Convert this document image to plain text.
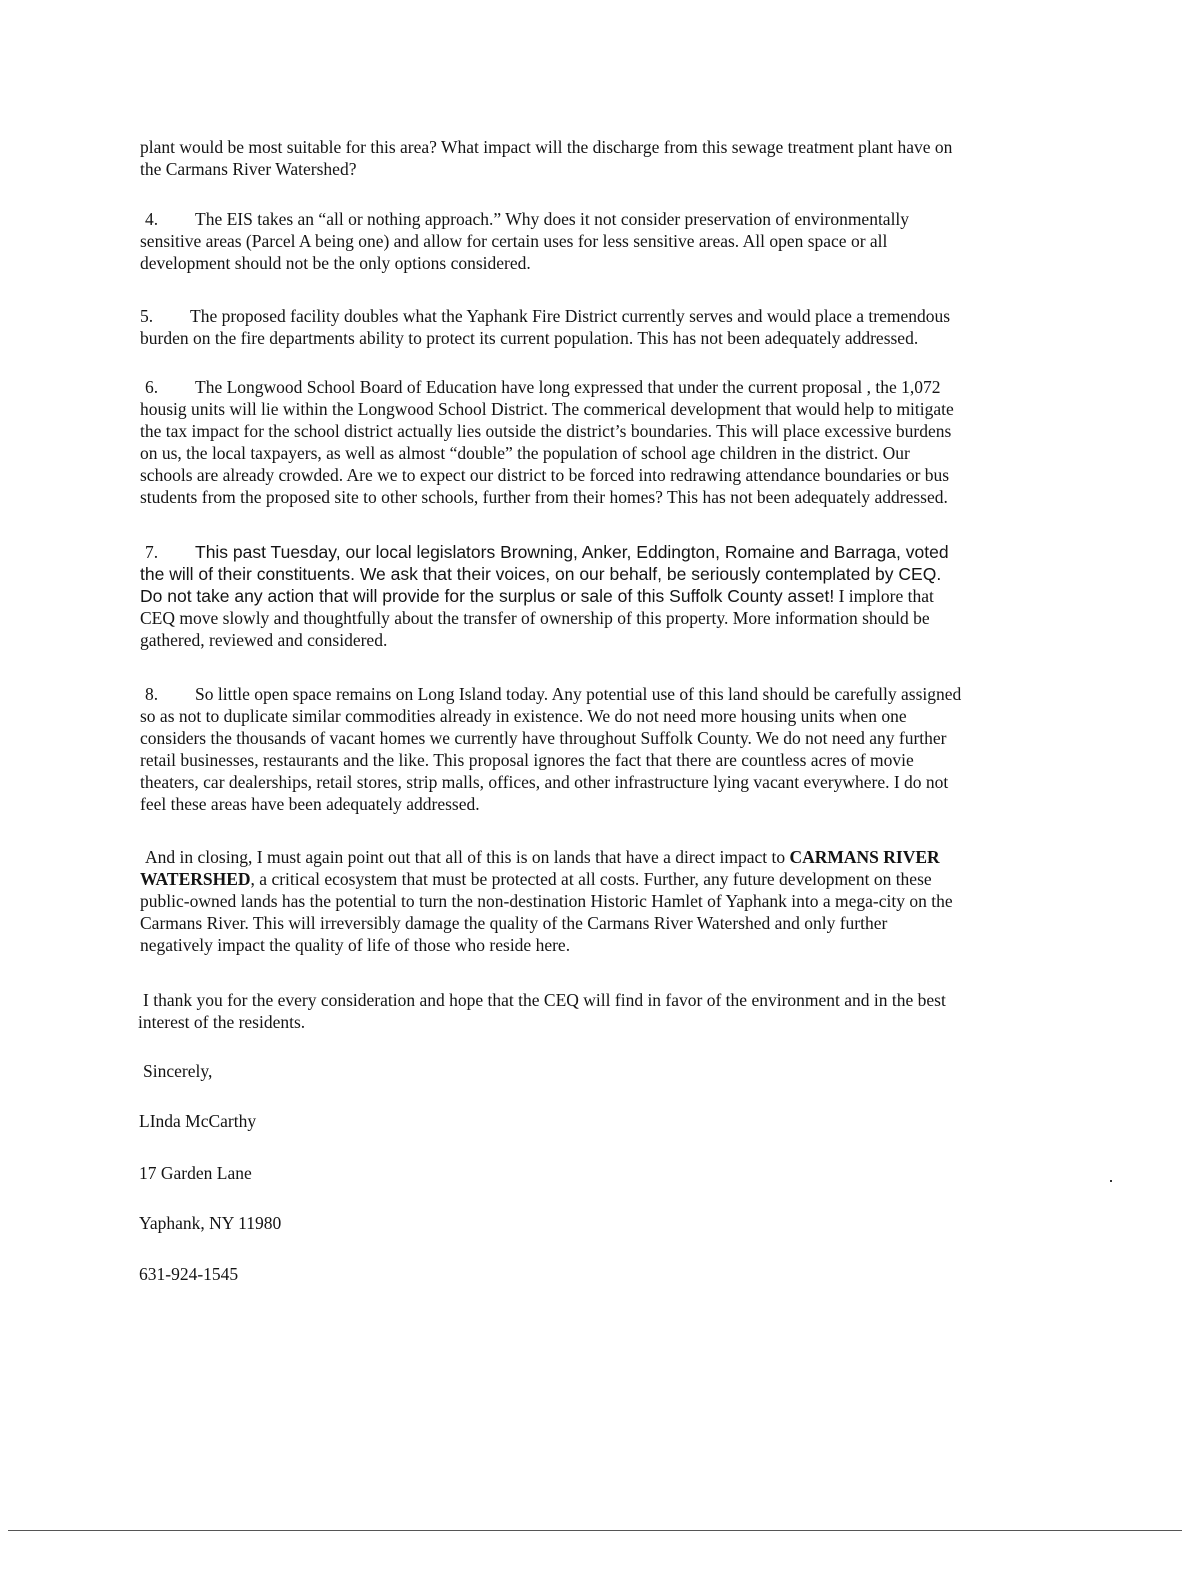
plant would be most suitable for this area? What impact will the discharge from this sewage treatment plant have on
the Carmans River Watershed?

4. The EIS takes an “all or nothing approach.” Why does it not consider preservation of environmentally
sensitive areas (Parcel A being one) and allow for certain uses for less sensitive areas. All open space or all
development should not be the only options considered.

5. The proposed facility doubles what the Yaphank Fire District currently serves and would place a tremendous
burden on the fire departments ability to protect its current population. This has not been adequately addressed.

6. The Longwood School Board of Education have long expressed that under the current proposal , the 1,072
housig units will lie within the Longwood School District. The commerical development that would help to mitigate
the tax impact for the school district actually lies outside the district’s boundaries. This will place excessive burdens
on us, the local taxpayers, as well as almost “double” the population of school age children in the district. Our
schools are already crowded. Are we to expect our district to be forced into redrawing attendance boundaries or bus
students from the proposed site to other schools, further from their homes? This has not been adequately addressed.

7. This past Tuesday, our local legislators Browning, Anker, Eddington, Romaine and Barraga, voted
the will of their constituents. We ask that their voices, on our behalf, be seriously contemplated by CEQ.
Do not take any action that will provide for the surplus or sale of this Suffolk County asset! I implore that
CEQ move slowly and thoughtfully about the transfer of ownership of this property. More information should be
gathered, reviewed and considered.

8. So little open space remains on Long Island today. Any potential use of this land should be carefully assigned
so as not to duplicate similar commodities already in existence. We do not need more housing units when one
considers the thousands of vacant homes we currently have throughout Suffolk County. We do not need any further
retail businesses, restaurants and the like. This proposal ignores the fact that there are countless acres of movie
theaters, car dealerships, retail stores, strip malls, offices, and other infrastructure lying vacant everywhere. I do not
feel these areas have been adequately addressed.

And in closing, I must again point out that all of this is on lands that have a direct impact to CARMANS RIVER
WATERSHED, a critical ecosystem that must be protected at all costs. Further, any future development on these
public-owned lands has the potential to turn the non-destination Historic Hamlet of Yaphank into a mega-city on the
Carmans River. This will irreversibly damage the quality of the Carmans River Watershed and only further
negatively impact the quality of life of those who reside here.

I thank you for the every consideration and hope that the CEQ will find in favor of the environment and in the best
interest of the residents.

Sincerely,

LInda McCarthy

17 Garden Lane

Yaphank, NY 11980

631-924-1545
